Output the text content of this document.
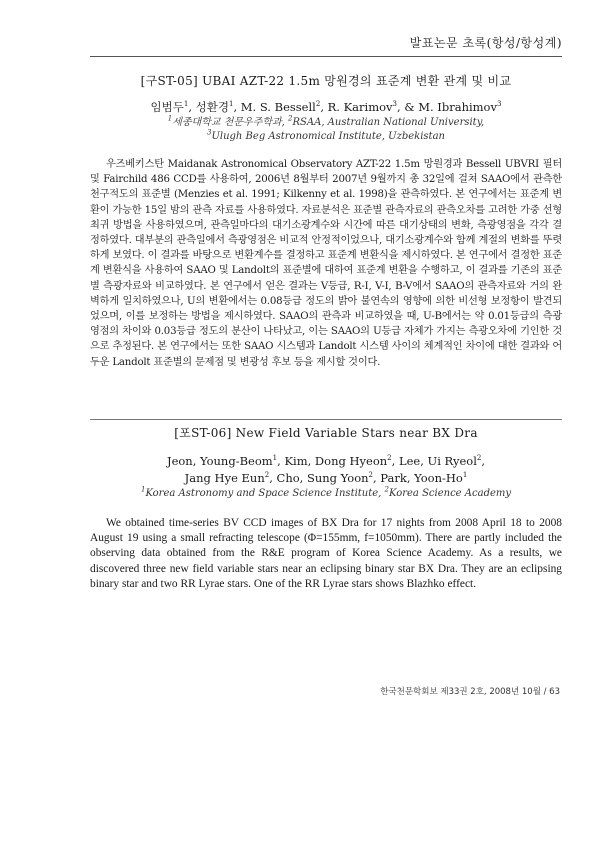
발표논문 초록(항성/항성계)
[구ST-05] UBAI AZT-22 1.5m 망원경의 표준계 변환 관계 및 비교
임범두$^1$, 성환경$^1$, M. S. Bessell$^2$, R. Karimov$^3$, & M. Ibrahimov$^3$
$^1$세종대학교 천문우주학과, $^2$RSAA, Australian National University,
$^3$Ulugh Beg Astronomical Institute, Uzbekistan

우즈베키스탄 Maidanak Astronomical Observatory AZT-22 1.5m 망원경과 Bessell UBVRI 필터 및 Fairchild 486 CCD를 사용하여, 2006년 8월부터 2007년 9월까지 총 32일에 걸쳐 SAAO에서 관측한 천구적도의 표준별 (Menzies et al. 1991; Kilkenny et al. 1998)을 관측하였다. 본 연구에서는 표준계 변환이 가능한 15일 밤의 관측 자료를 사용하였다. 자료분석은 표준별 관측자료의 관측오차를 고려한 가중 선형최귀 방법을 사용하였으며, 관측일마다의 대기소광계수와 시간에 따른 대기상태의 변화, 측광영점을 각각 결정하였다. 대부분의 관측일에서 측광영점은 비교적 안정적이었으나, 대기소광계수와 함께 계절의 변화를 뚜렷하게 보였다. 이 결과를 바탕으로 변환계수를 결정하고 표준계 변환식을 제시하였다. 본 연구에서 결정한 표준계 변환식을 사용하여 SAAO 및 Landolt의 표준별에 대하여 표준계 변환을 수행하고, 이 결과를 기존의 표준별 측광자료와 비교하였다. 본 연구에서 얻은 결과는 V등급, R-I, V-I, B-V에서 SAAO의 관측자료와 거의 완벽하게 일치하였으나, U의 변환에서는 0.08등급 정도의 밝아 불연속의 영향에 의한 비선형 보정항이 발견되었으며, 이를 보정하는 방법을 제시하였다. SAAO의 관측과 비교하였을 때, U-B에서는 약 0.01등급의 측광영점의 차이와 0.03등급 정도의 분산이 나타났고, 이는 SAAO의 U등급 자체가 가지는 측광오차에 기인한 것으로 추정된다. 본 연구에서는 또한 SAAO 시스템과 Landolt 시스템 사이의 체계적인 차이에 대한 결과와 어두운 Landolt 표준별의 문제점 및 변광성 후보 등을 제시할 것이다.

[포ST-06] New Field Variable Stars near BX Dra
Jeon, Young-Beom$^1$, Kim, Dong Hyeon$^2$, Lee, Ui Ryeol$^2$,
Jang Hye Eun$^2$, Cho, Sung Yoon$^2$, Park, Yoon-Ho$^1$
$^1$Korea Astronomy and Space Science Institute, $^2$Korea Science Academy

We obtained time-series BV CCD images of BX Dra for 17 nights from 2008 April 18 to 2008 August 19 using a small refracting telescope (Φ=155mm, f=1050mm). There are partly included the observing data obtained from the R&E program of Korea Science Academy. As a results, we discovered three new field variable stars near an eclipsing binary star BX Dra. They are an eclipsing binary star and two RR Lyrae stars. One of the RR Lyrae stars shows Blazhko effect.

한국천문학회보 제33권 2호, 2008년 10월 / 63
